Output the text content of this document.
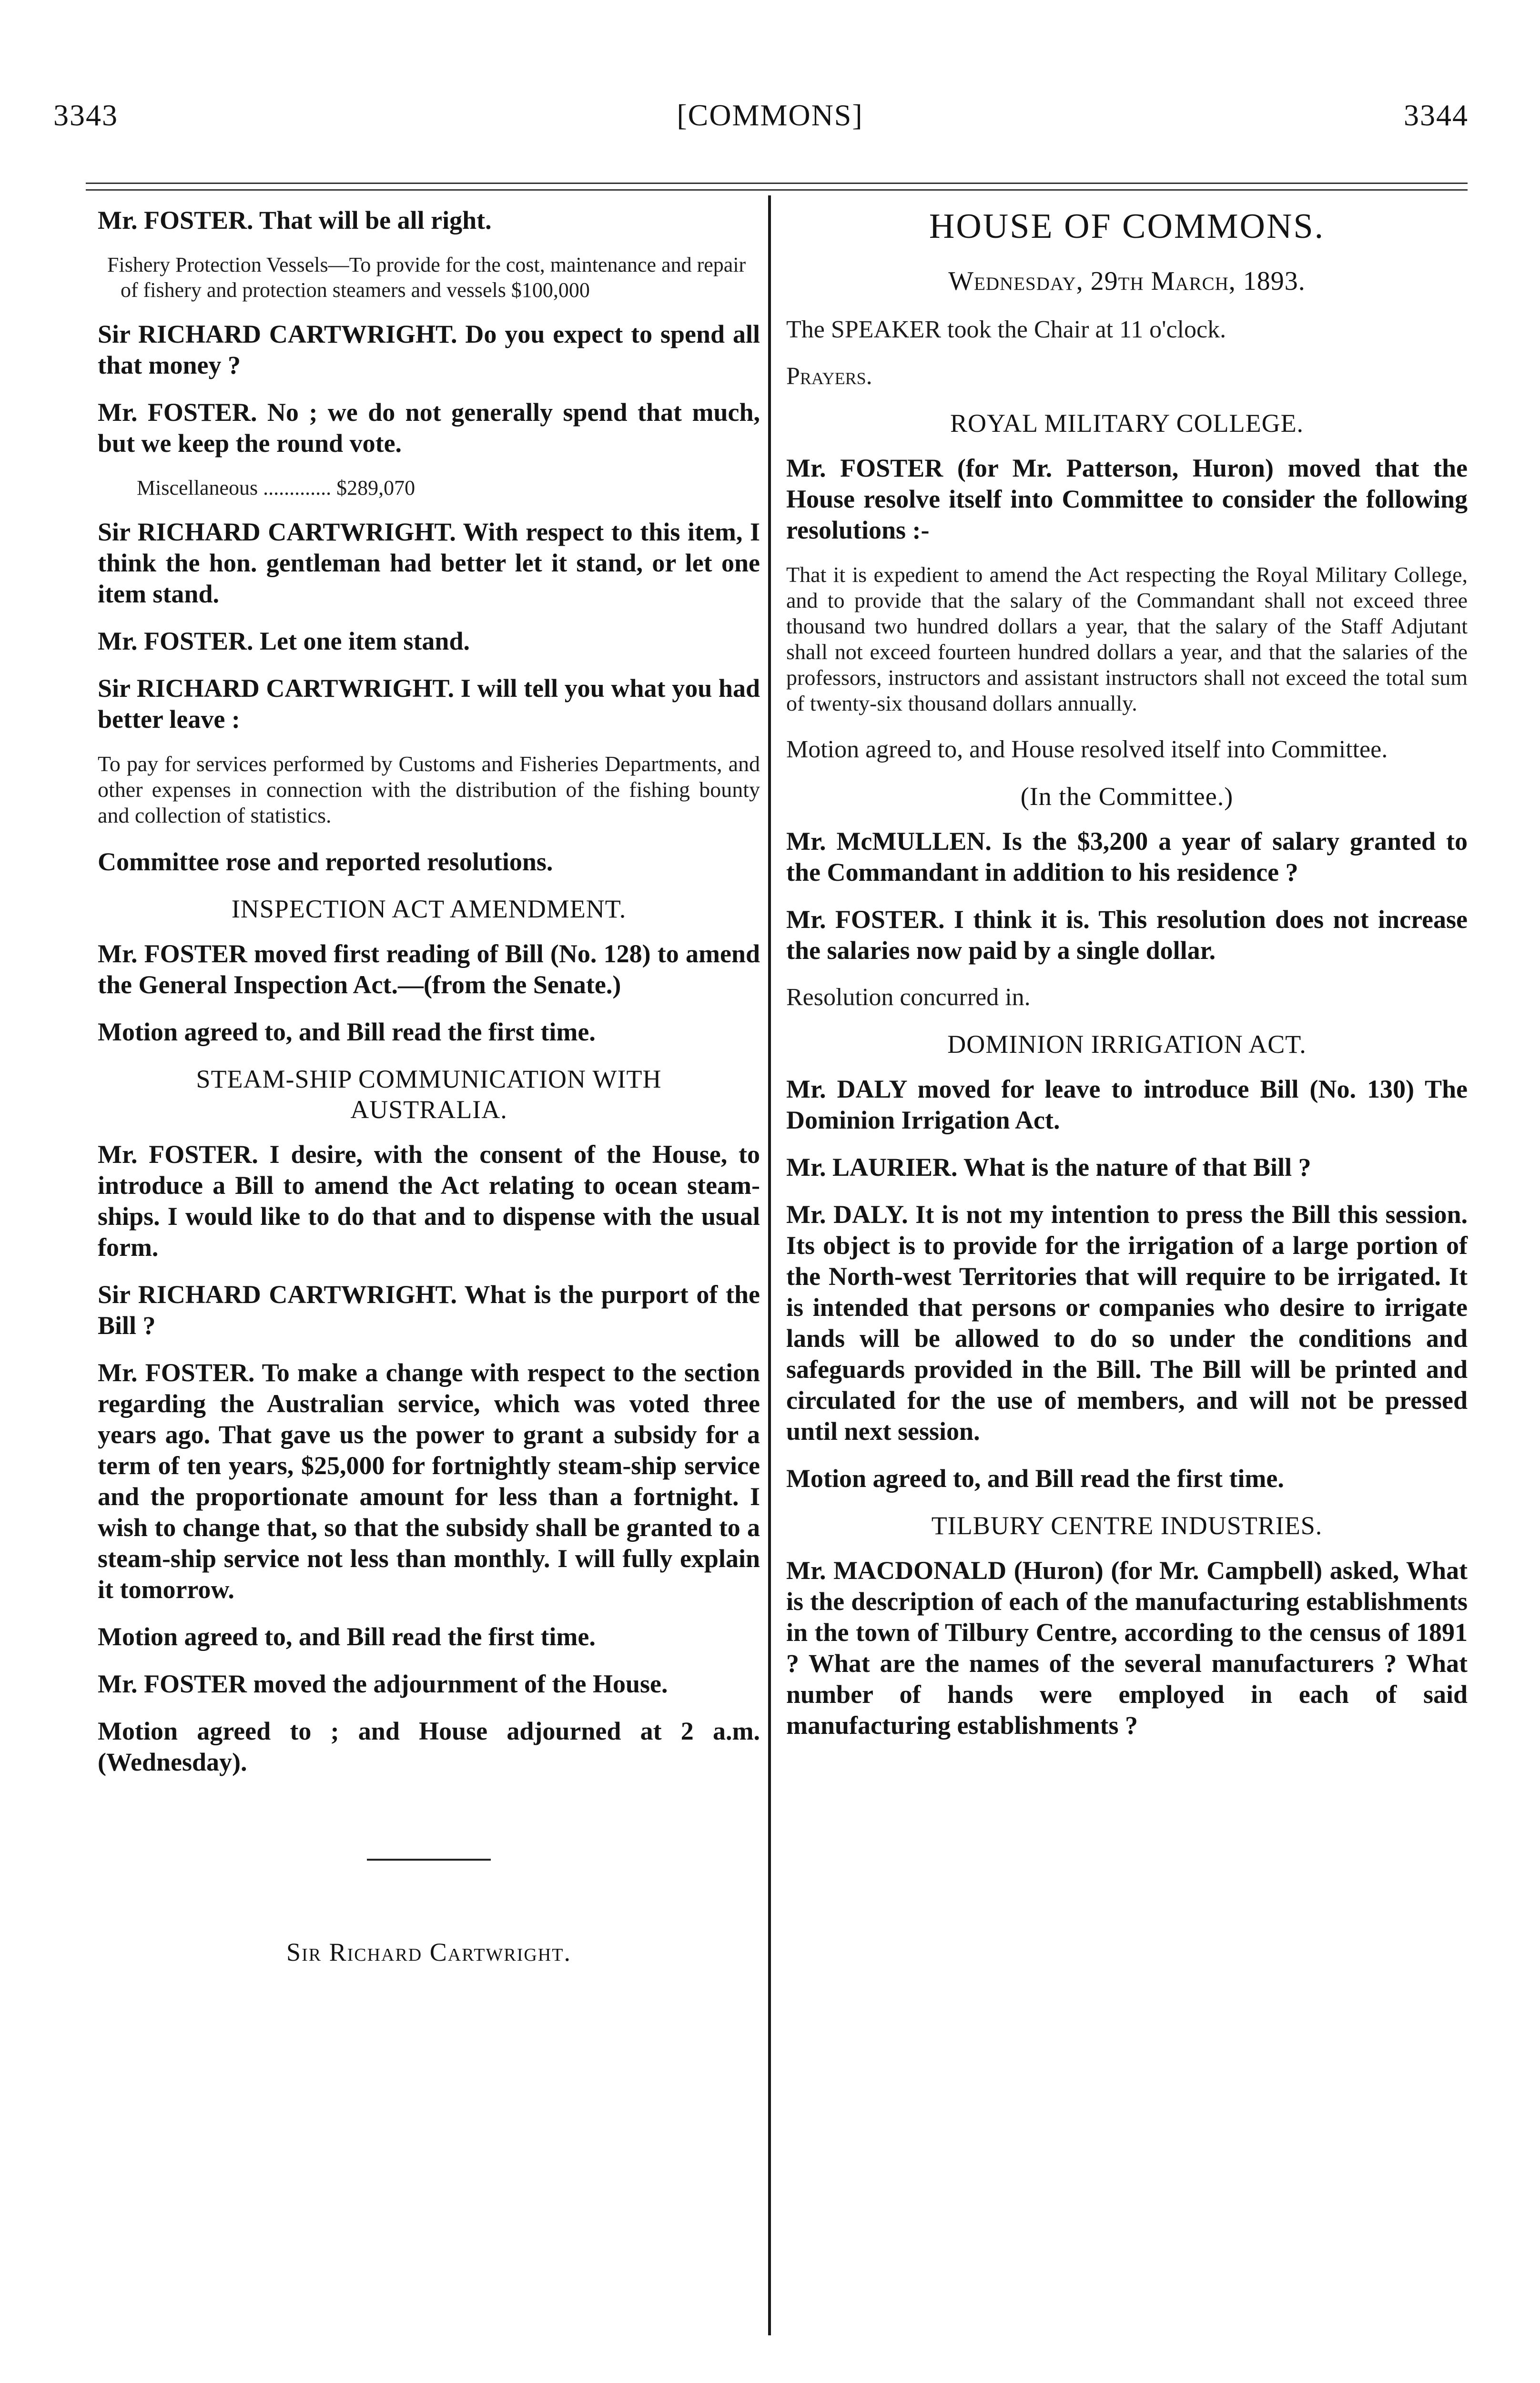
3343	[COMMONS]	3344

Mr. FOSTER. That will be all right.

Fishery Protection Vessels—To provide for the cost, maintenance and repair of fishery and protection steamers and vessels $100,000

Sir RICHARD CARTWRIGHT. Do you expect to spend all that money ?

Mr. FOSTER. No ; we do not generally spend that much, but we keep the round vote.

Miscellaneous ............. $289,070

Sir RICHARD CARTWRIGHT. With respect to this item, I think the hon. gentleman had better let it stand, or let one item stand.

Mr. FOSTER. Let one item stand.

Sir RICHARD CARTWRIGHT. I will tell you what you had better leave :

To pay for services performed by Customs and Fisheries Departments, and other expenses in connection with the distribution of the fishing bounty and collection of statistics.

Committee rose and reported resolutions.

INSPECTION ACT AMENDMENT.

Mr. FOSTER moved first reading of Bill (No. 128) to amend the General Inspection Act.—(from the Senate.)

Motion agreed to, and Bill read the first time.

STEAM-SHIP COMMUNICATION WITH
AUSTRALIA.

Mr. FOSTER. I desire, with the consent of the House, to introduce a Bill to amend the Act relating to ocean steam-ships. I would like to do that and to dispense with the usual form.

Sir RICHARD CARTWRIGHT. What is the purport of the Bill ?

Mr. FOSTER. To make a change with respect to the section regarding the Australian service, which was voted three years ago. That gave us the power to grant a subsidy for a term of ten years, $25,000 for fortnightly steam-ship service and the proportionate amount for less than a fortnight. I wish to change that, so that the subsidy shall be granted to a steam-ship service not less than monthly. I will fully explain it tomorrow.

Motion agreed to, and Bill read the first time.

Mr. FOSTER moved the adjournment of the House.

Motion agreed to ; and House adjourned at 2 a.m. (Wednesday).

Sir Richard Cartwright.
HOUSE OF COMMONS.
Wednesday, 29th March, 1893.

The SPEAKER took the Chair at 11 o'clock.

Prayers.

ROYAL MILITARY COLLEGE.

Mr. FOSTER (for Mr. Patterson, Huron) moved that the House resolve itself into Committee to consider the following resolutions :-

That it is expedient to amend the Act respecting the Royal Military College, and to provide that the salary of the Commandant shall not exceed three thousand two hundred dollars a year, that the salary of the Staff Adjutant shall not exceed fourteen hundred dollars a year, and that the salaries of the professors, instructors and assistant instructors shall not exceed the total sum of twenty-six thousand dollars annually.

Motion agreed to, and House resolved itself into Committee.

(In the Committee.)

Mr. McMULLEN. Is the $3,200 a year of salary granted to the Commandant in addition to his residence ?

Mr. FOSTER. I think it is. This resolution does not increase the salaries now paid by a single dollar.

Resolution concurred in.

DOMINION IRRIGATION ACT.

Mr. DALY moved for leave to introduce Bill (No. 130) The Dominion Irrigation Act.

Mr. LAURIER. What is the nature of that Bill ?

Mr. DALY. It is not my intention to press the Bill this session. Its object is to provide for the irrigation of a large portion of the North-west Territories that will require to be irrigated. It is intended that persons or companies who desire to irrigate lands will be allowed to do so under the conditions and safeguards provided in the Bill. The Bill will be printed and circulated for the use of members, and will not be pressed until next session.

Motion agreed to, and Bill read the first time.

TILBURY CENTRE INDUSTRIES.

Mr. MACDONALD (Huron) (for Mr. Campbell) asked, What is the description of each of the manufacturing establishments in the town of Tilbury Centre, according to the census of 1891 ? What are the names of the several manufacturers ? What number of hands were employed in each of said manufacturing establishments ?
